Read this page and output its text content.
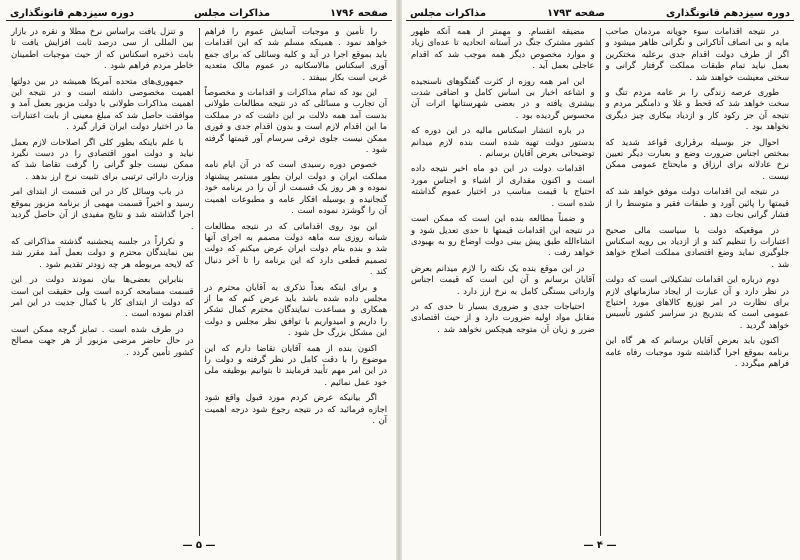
صفحه ۱۷۹۶
مذاکرات مجلس
دوره سیزدهم قانونگذاری

را تأمین و موجبات آسایش عموم را فراهم خواهد نمود . همینکه مسلم شد که این اقدامات باید بموقع اجرا در آید و کلیه وسائلی که برای جمع آوری اسکناس مالاسکانیه در عموم مالک متعدیه غربی است بکار ببیفتد .

این بود که تمام مذاکرات و اقدامات و مخصوصاً آن تجارب و مسائلی که در نتیجه مطالعات طولانی بدست آمد همه دلالت بر این داشت که در مملکت ما این اقدام لازم است و بدون اقدام جدی و فوری ممکن نیست جلوی ترقی سرسام آور قیمتها گرفته شود .

خصوص دوره رسیدی است که در آن ایام نامه مملکت ایران و دولت ایران بطور مستمر پیشنهاد نموده و هر روز یک قسمت از آن را در برنامه خود گنجانیده و بوسیله افکار عامه و مطبوعات اهمیت آن را گوشزد نموده است .

این بود روی اقداماتی که در نتیجه مطالعات شبانه روزی سه ماهه دولت مصمم به اجرای آنها شد و بنده بنام دولت ایران عرض میکنم که دولت تصمیم قطعی دارد که این برنامه را تا آخر دنبال کند .

و برای اینکه بعداً تذکری به آقایان محترم در مجلس داده شده باشد باید عرض کنم که ما از همکاری و مساعدت نمایندگان محترم کمال تشکر را داریم و امیدواریم با توافق نظر مجلس و دولت این مشکل بزرگ حل شود .

اکنون بنده از همه آقایان تقاضا دارم که این موضوع را با دقت کامل در نظر گرفته و دولت را در این امر مهم تأیید فرمایند تا بتوانیم بوظیفه ملی خود عمل نمائیم .

اگر بیانیکه عرض کردم مورد قبول واقع شود اجازه فرمائید که در نتیجه رجوع شود درجه اهمیت آن .

و تنزل یافت براساس نرخ مطلا و نقره در بازار بین المللی از سی درصد ثابت افزایش یافت تا بابت ذخیره اسکناس که از حیث موجبات اطمینان خاطر مردم فراهم شود .

جمهوری‌های متحده آمریکا همیشه در بین دولتها اهمیت مخصوصی داشته است و در نتیجه این اهمیت مذاکرات طولانی با دولت مزبور بعمل آمد و موافقت حاصل شد که مبلغ معینی از بابت اعتبارات ما در اختیار دولت ایران قرار گیرد .

با علم باینکه بطور کلی اگر اصلاحات لازم بعمل نیاید و دولت امور اقتصادی را در دست نگیرد ممکن نیست جلو گرانی را گرفت تقاضا شد که وزارت دارائی ترتیبی برای تثبیت نرخ ارز بدهد .

در باب وسائل کار در این قسمت از ابتدای امر رسید و اخیراً قسمت مهمی از برنامه مزبور بموقع اجرا گذاشته شد و نتایج مفیدی از آن حاصل گردید .

و تکراراً در جلسه پنجشنبه گذشته مذاکراتی که بین نمایندگان محترم و دولت بعمل آمد مقرر شد که لایحه مربوطه هر چه زودتر تقدیم شود .

بنابراین بعضی‌ها بیان نمودند دولت در این قسمت مسامحه کرده است ولی حقیقت این است که دولت از ابتدای کار با کمال جدیت در این امر اقدام نموده است .

در طرف شده است . تمایز گرچه ممکن است در حال حاضر مرضی مزبور از هر جهت مصالح کشور تأمین گردد .

— ۵ —
دوره سیزدهم قانونگذاری
صفحه ۱۷۹۳
مذاکرات مجلس

در نتیجه اقدامات سوء جویانه مردمان صاحب مایه و بی انصاف آتاکرانی و نگرانی ظاهر میشود و اگر از طرف دولت اقدام جدی برعلیه مختکرین بعمل نیاید تمام طبقات مملکت گرفتار گرانی و سختی معیشت خواهند شد .

طوری عرصه زندگی را بر عامه مردم تنگ و سخت خواهد شد که قحط و غلا و دامنگیر مردم و نتیجه آن جز رکود کار و ازدیاد بیکاری چیز دیگری نخواهد بود .

احوال جز بوسیله برقراری قواعد شدید که بمختص اجناس ضرورت وضع و بعبارت دیگر تعیین نرخ عادلانه برای ارزاق و مایحتاج عمومی ممکن نیست .

در نتیجه این اقدامات دولت موفق خواهد شد که قیمتها را پائین آورد و طبقات فقیر و متوسط را از فشار گرانی نجات دهد .

در موقعیکه دولت با سیاست مالی صحیح اعتبارات را تنظیم کند و از ازدیاد بی رویه اسکناس جلوگیری نماید وضع اقتصادی مملکت اصلاح خواهد شد .

دوم درباره این اقدامات تشکیلاتی است که دولت در نظر دارد و آن عبارت از ایجاد سازمانهای لازم برای نظارت در امر توزیع کالاهای مورد احتیاج عمومی است که بتدریج در سراسر کشور تأسیس خواهد گردید .

اکنون باید بعرض آقایان برسانم که هر گاه این برنامه بموقع اجرا گذاشته شود موجبات رفاه عامه فراهم میگردد .

مضیقه انقسام. و مهمتر از همه آنکه ظهور کشور مشترک جنگ در آستانه اتحادیه تا عده‌ای زیاد و موارد مخصوص دیگر همه موجب شد که اقدام عاجلی بعمل آید .

این امر همه روزه از کثرت گفتگوهای ناسنجیده و اشاعه اخبار بی اساس کامل و اضافی شدت بیشتری یافته و در بعضی شهرستانها اثرات آن محسوس گردیده بود .

در باره انتشار اسکناس مالیه در این دوره که بدستور دولت تهیه شده است بنده لازم میدانم توضیحاتی بعرض آقایان برسانم .

اقدامات دولت در این دو ماه اخیر نتیجه داده است و اکنون مقداری از اشیاء و اجناس مورد احتیاج با قیمت مناسب در اختیار عموم گذاشته شده است .

و ضمناً مطالعه بنده این است که ممکن است در نتیجه این اقدامات قیمتها تا حدی تعدیل شود و انشاءالله طبق پیش بینی دولت اوضاع رو به بهبودی خواهد رفت .

در این موقع بنده یک نکته را لازم میدانم بعرض آقایان برسانم و آن این است که قیمت اجناس وارداتی بستگی کامل به نرخ ارز دارد .

احتیاجات جدی و ضروری بسیار تا حدی که در مقابل مواد اولیه ضرورت دارد و از حیث اقتصادی ضرر و زیان آن متوجه هیچکس نخواهد شد .

— ۴ —
